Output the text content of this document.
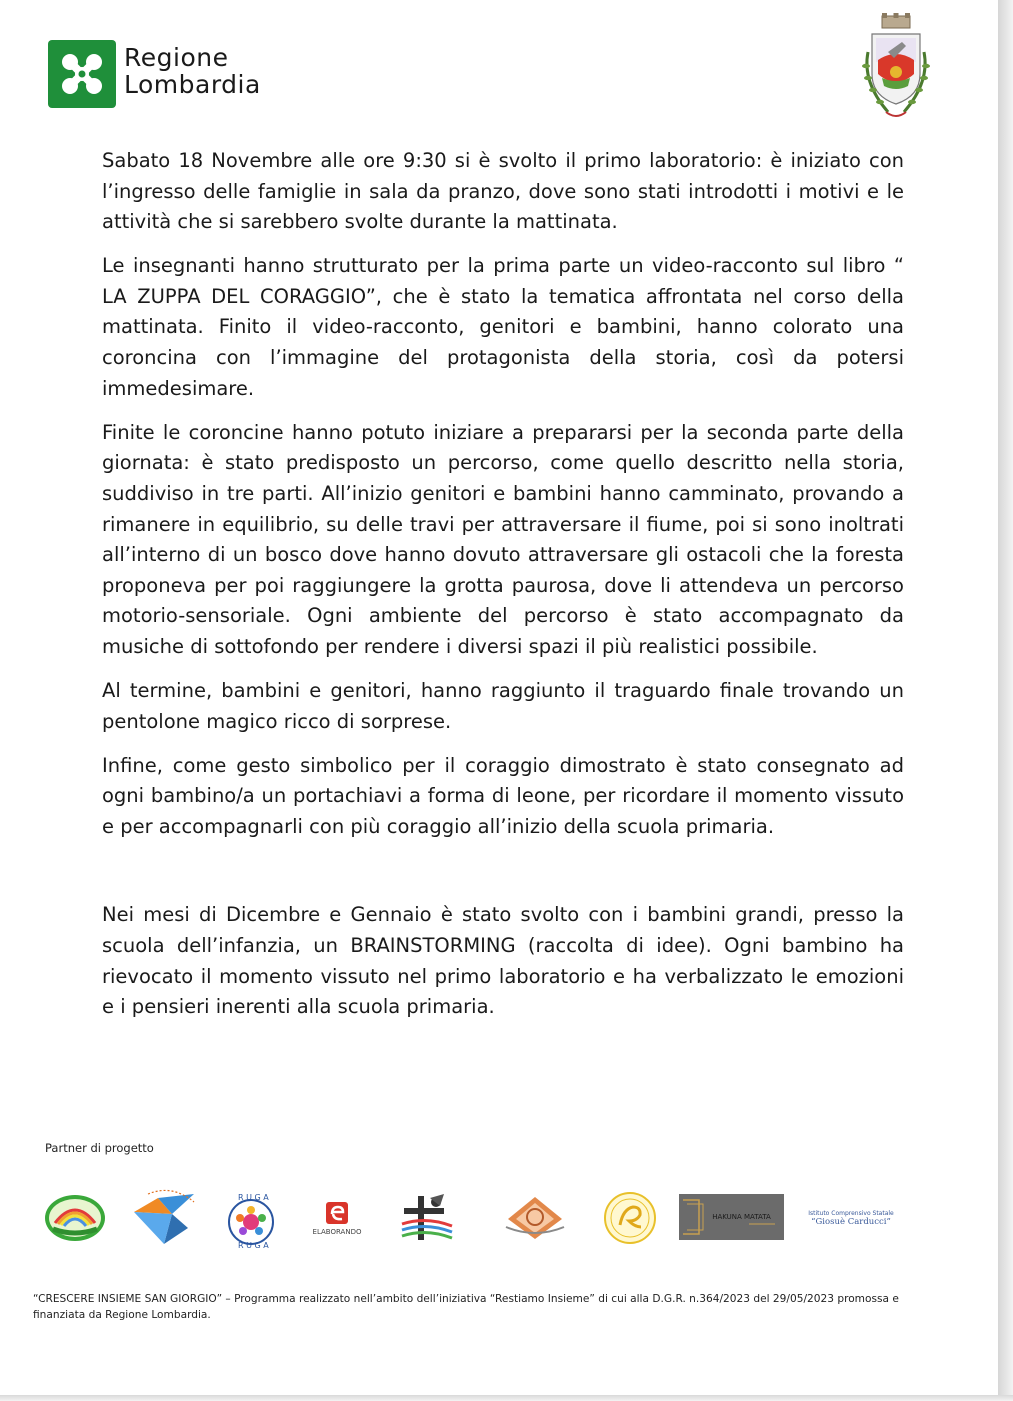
Regione
Lombardia

Sabato 18 Novembre alle ore 9:30 si è svolto il primo laboratorio: è iniziato con l’ingresso delle famiglie in sala da pranzo, dove sono stati introdotti i motivi e le attività che si sarebbero svolte durante la mattinata.

Le insegnanti hanno strutturato per la prima parte un video-racconto sul libro “ LA ZUPPA DEL CORAGGIO”, che è stato la tematica affrontata nel corso della mattinata. Finito il video-racconto, genitori e bambini, hanno colorato una coroncina con l’immagine del protagonista della storia, così da potersi immedesimare.

Finite le coroncine hanno potuto iniziare a prepararsi per la seconda parte della giornata: è stato predisposto un percorso, come quello descritto nella storia, suddiviso in tre parti. All’inizio genitori e bambini hanno camminato, provando a rimanere in equilibrio, su delle travi per attraversare il fiume, poi si sono inoltrati all’interno di un bosco dove hanno dovuto attraversare gli ostacoli che la foresta proponeva per poi raggiungere la grotta paurosa, dove li attendeva un percorso motorio-sensoriale. Ogni ambiente del percorso è stato accompagnato da musiche di sottofondo per rendere i diversi spazi il più realistici possibile.

Al termine, bambini e genitori, hanno raggiunto il traguardo finale trovando un pentolone magico ricco di sorprese.

Infine, come gesto simbolico per il coraggio dimostrato è stato consegnato ad ogni bambino/a un portachiavi a forma di leone, per ricordare il momento vissuto e per accompagnarli con più coraggio all’inizio della scuola primaria.

Nei mesi di Dicembre e Gennaio è stato svolto con i bambini grandi, presso la scuola dell’infanzia, un BRAINSTORMING (raccolta di idee). Ogni bambino ha rievocato il momento vissuto nel primo laboratorio e ha verbalizzato le emozioni e i pensieri inerenti alla scuola primaria.

Partner di progetto
R U G A
R U G A
ELABORANDO
HAKUNA MATATA	Istituto Comprensivo Statale
“Giosuè Carducci”
“CRESCERE INSIEME SAN GIORGIO” – Programma realizzato nell’ambito dell’iniziativa “Restiamo Insieme” di cui alla D.G.R. n.364/2023 del 29/05/2023 promossa e finanziata da Regione Lombardia.
